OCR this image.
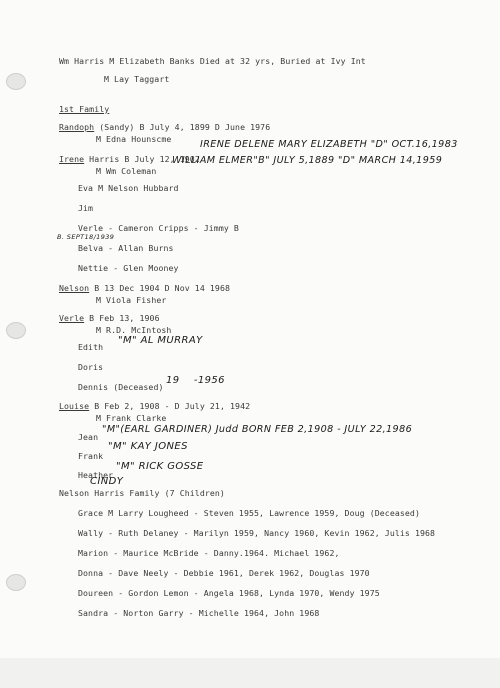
Wm Harris M Elizabeth Banks Died at 32 yrs, Buried at Ivy Int
M Lay Taggart
1st Family
Randoph (Sandy) B July 4, 1899 D June 1976
M Edna Hounscme
Irene Harris B July 12, 1902
IRENE DELENE MARY ELIZABETH "D" OCT.16,1983
M Wm Coleman
WILLIAM ELMER"B" JULY 5,1889 "D" MARCH 14,1959
Eva M Nelson Hubbard
Jim
Verle - Cameron Cripps - Jimmy B
B. SEPT18/1939
Belva - Allan Burns
Nettie - Glen Mooney
Nelson B 13 Dec 1904 D Nov 14 1968
M Viola Fisher
Verle B Feb 13, 1906
M R.D. McIntosh
Edith
"M" AL MURRAY
Doris
Dennis (Deceased)
19    -1956
Louise B Feb 2, 1908 - D July 21, 1942
M Frank Clarke
Jean
"M"(EARL GARDINER) Judd BORN FEB 2,1908 - JULY 22,1986
Frank
"M" KAY JONES
Heather
"M" RICK GOSSE
CINDY
Nelson Harris Family (7 Children)
Grace M Larry Lougheed - Steven 1955, Lawrence 1959, Doug (Deceased)
Wally - Ruth Delaney - Marilyn 1959, Nancy 1960, Kevin 1962, Julis 1968
Marion - Maurice McBride - Danny.1964. Michael 1962,
Donna - Dave Neely - Debbie 1961, Derek 1962, Douglas 1970
Doureen - Gordon Lemon - Angela 1968, Lynda 1970, Wendy 1975
Sandra - Norton Garry - Michelle 1964, John 1968
